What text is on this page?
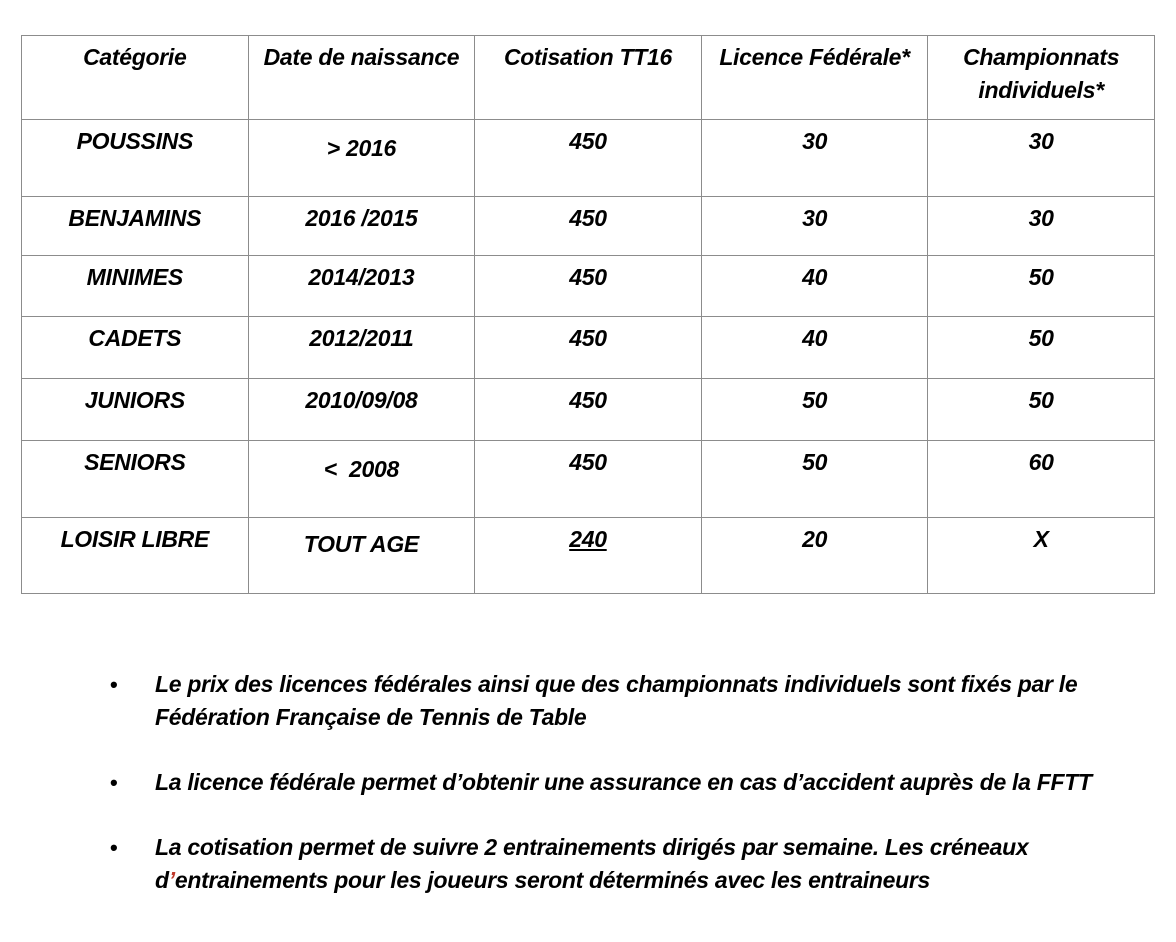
Catégorie	Date de naissance	Cotisation TT16	Licence Fédérale*	Championnats individuels*
POUSSINS	> 2016	450	30	30
BENJAMINS	2016 /2015	450	30	30
MINIMES	2014/2013	450	40	50
CADETS	2012/2011	450	40	50
JUNIORS	2010/09/08	450	50	50
SENIORS	<  2008	450	50	60
LOISIR LIBRE	TOUT AGE	240	20	X
• Le prix des licences fédérales ainsi que des championnats individuels sont fixés par le Fédération Française de Tennis de Table
• La licence fédérale permet d’obtenir une assurance en cas d’accident auprès de la FFTT
• La cotisation permet de suivre 2 entrainements dirigés par semaine. Les créneaux d’entrainements pour les joueurs seront déterminés avec les entraineurs
